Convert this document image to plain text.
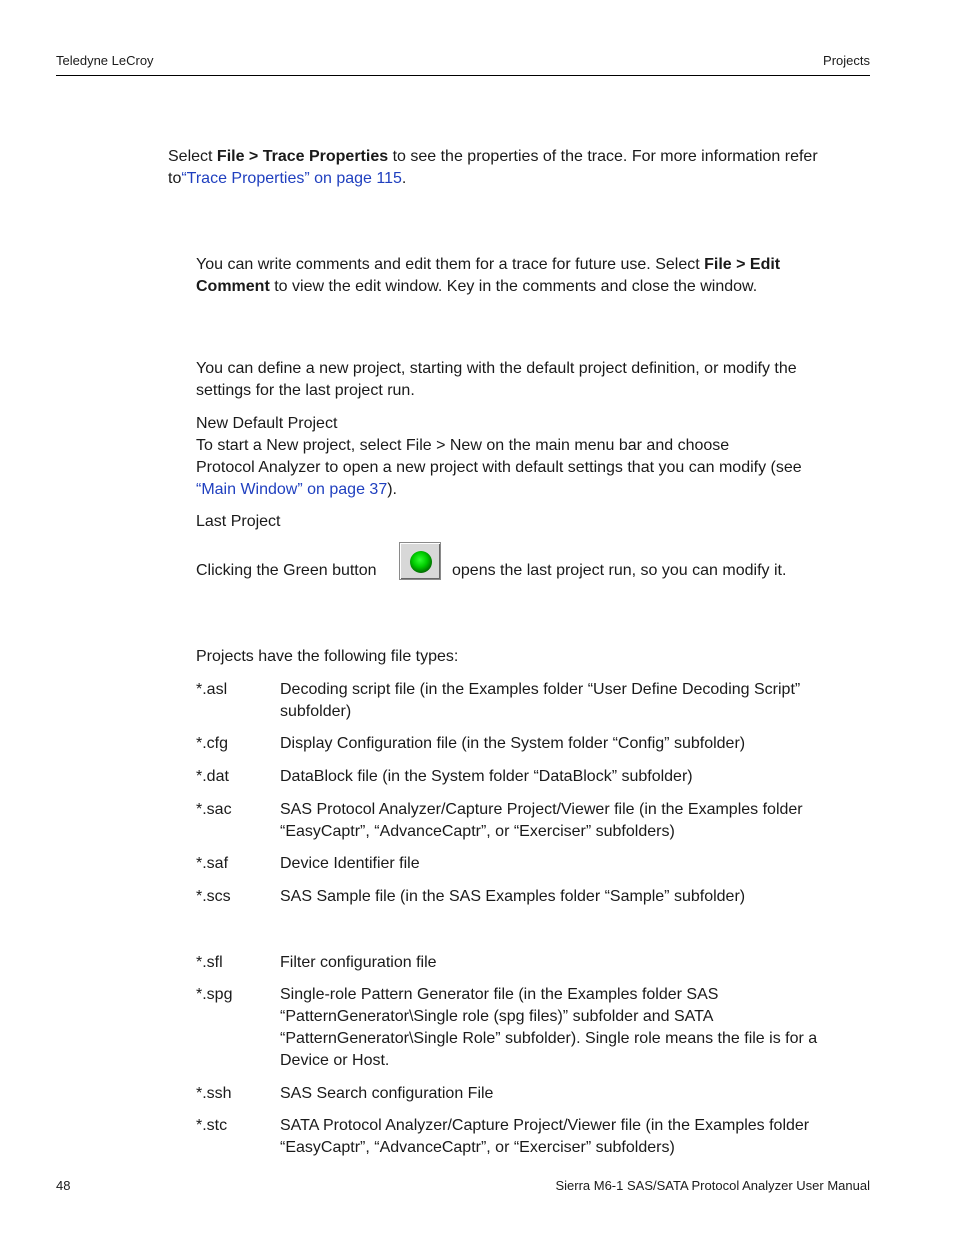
Teledyne LeCroy	Projects

Select File > Trace Properties to see the properties of the trace. For more information refer
to“Trace Properties” on page 115.

You can write comments and edit them for a trace for future use. Select File > Edit
Comment to view the edit window. Key in the comments and close the window.

You can define a new project, starting with the default project definition, or modify the
settings for the last project run.

New Default Project
To start a New project, select File > New on the main menu bar and choose
Protocol Analyzer to open a new project with default settings that you can modify (see
“Main Window” on page 37).

Last Project

Clicking the Green button	opens the last project run, so you can modify it.

Projects have the following file types:

*.asl	Decoding script file (in the Examples folder “User Define Decoding Script” subfolder)
*.cfg	Display Configuration file (in the System folder “Config” subfolder)
*.dat	DataBlock file (in the System folder “DataBlock” subfolder)
*.sac	SAS Protocol Analyzer/Capture Project/Viewer file (in the Examples folder “EasyCaptr”, “AdvanceCaptr”, or “Exerciser” subfolders)
*.saf	Device Identifier file
*.scs	SAS Sample file (in the SAS Examples folder “Sample” subfolder)
*.sfl	Filter configuration file
*.spg	Single-role Pattern Generator file (in the Examples folder SAS “PatternGenerator\Single role (spg files)” subfolder and SATA “PatternGenerator\Single Role” subfolder). Single role means the file is for a Device or Host.
*.ssh	SAS Search configuration File
*.stc	SATA Protocol Analyzer/Capture Project/Viewer file (in the Examples folder “EasyCaptr”, “AdvanceCaptr”, or “Exerciser” subfolders)
48	Sierra M6-1 SAS/SATA Protocol Analyzer User Manual
